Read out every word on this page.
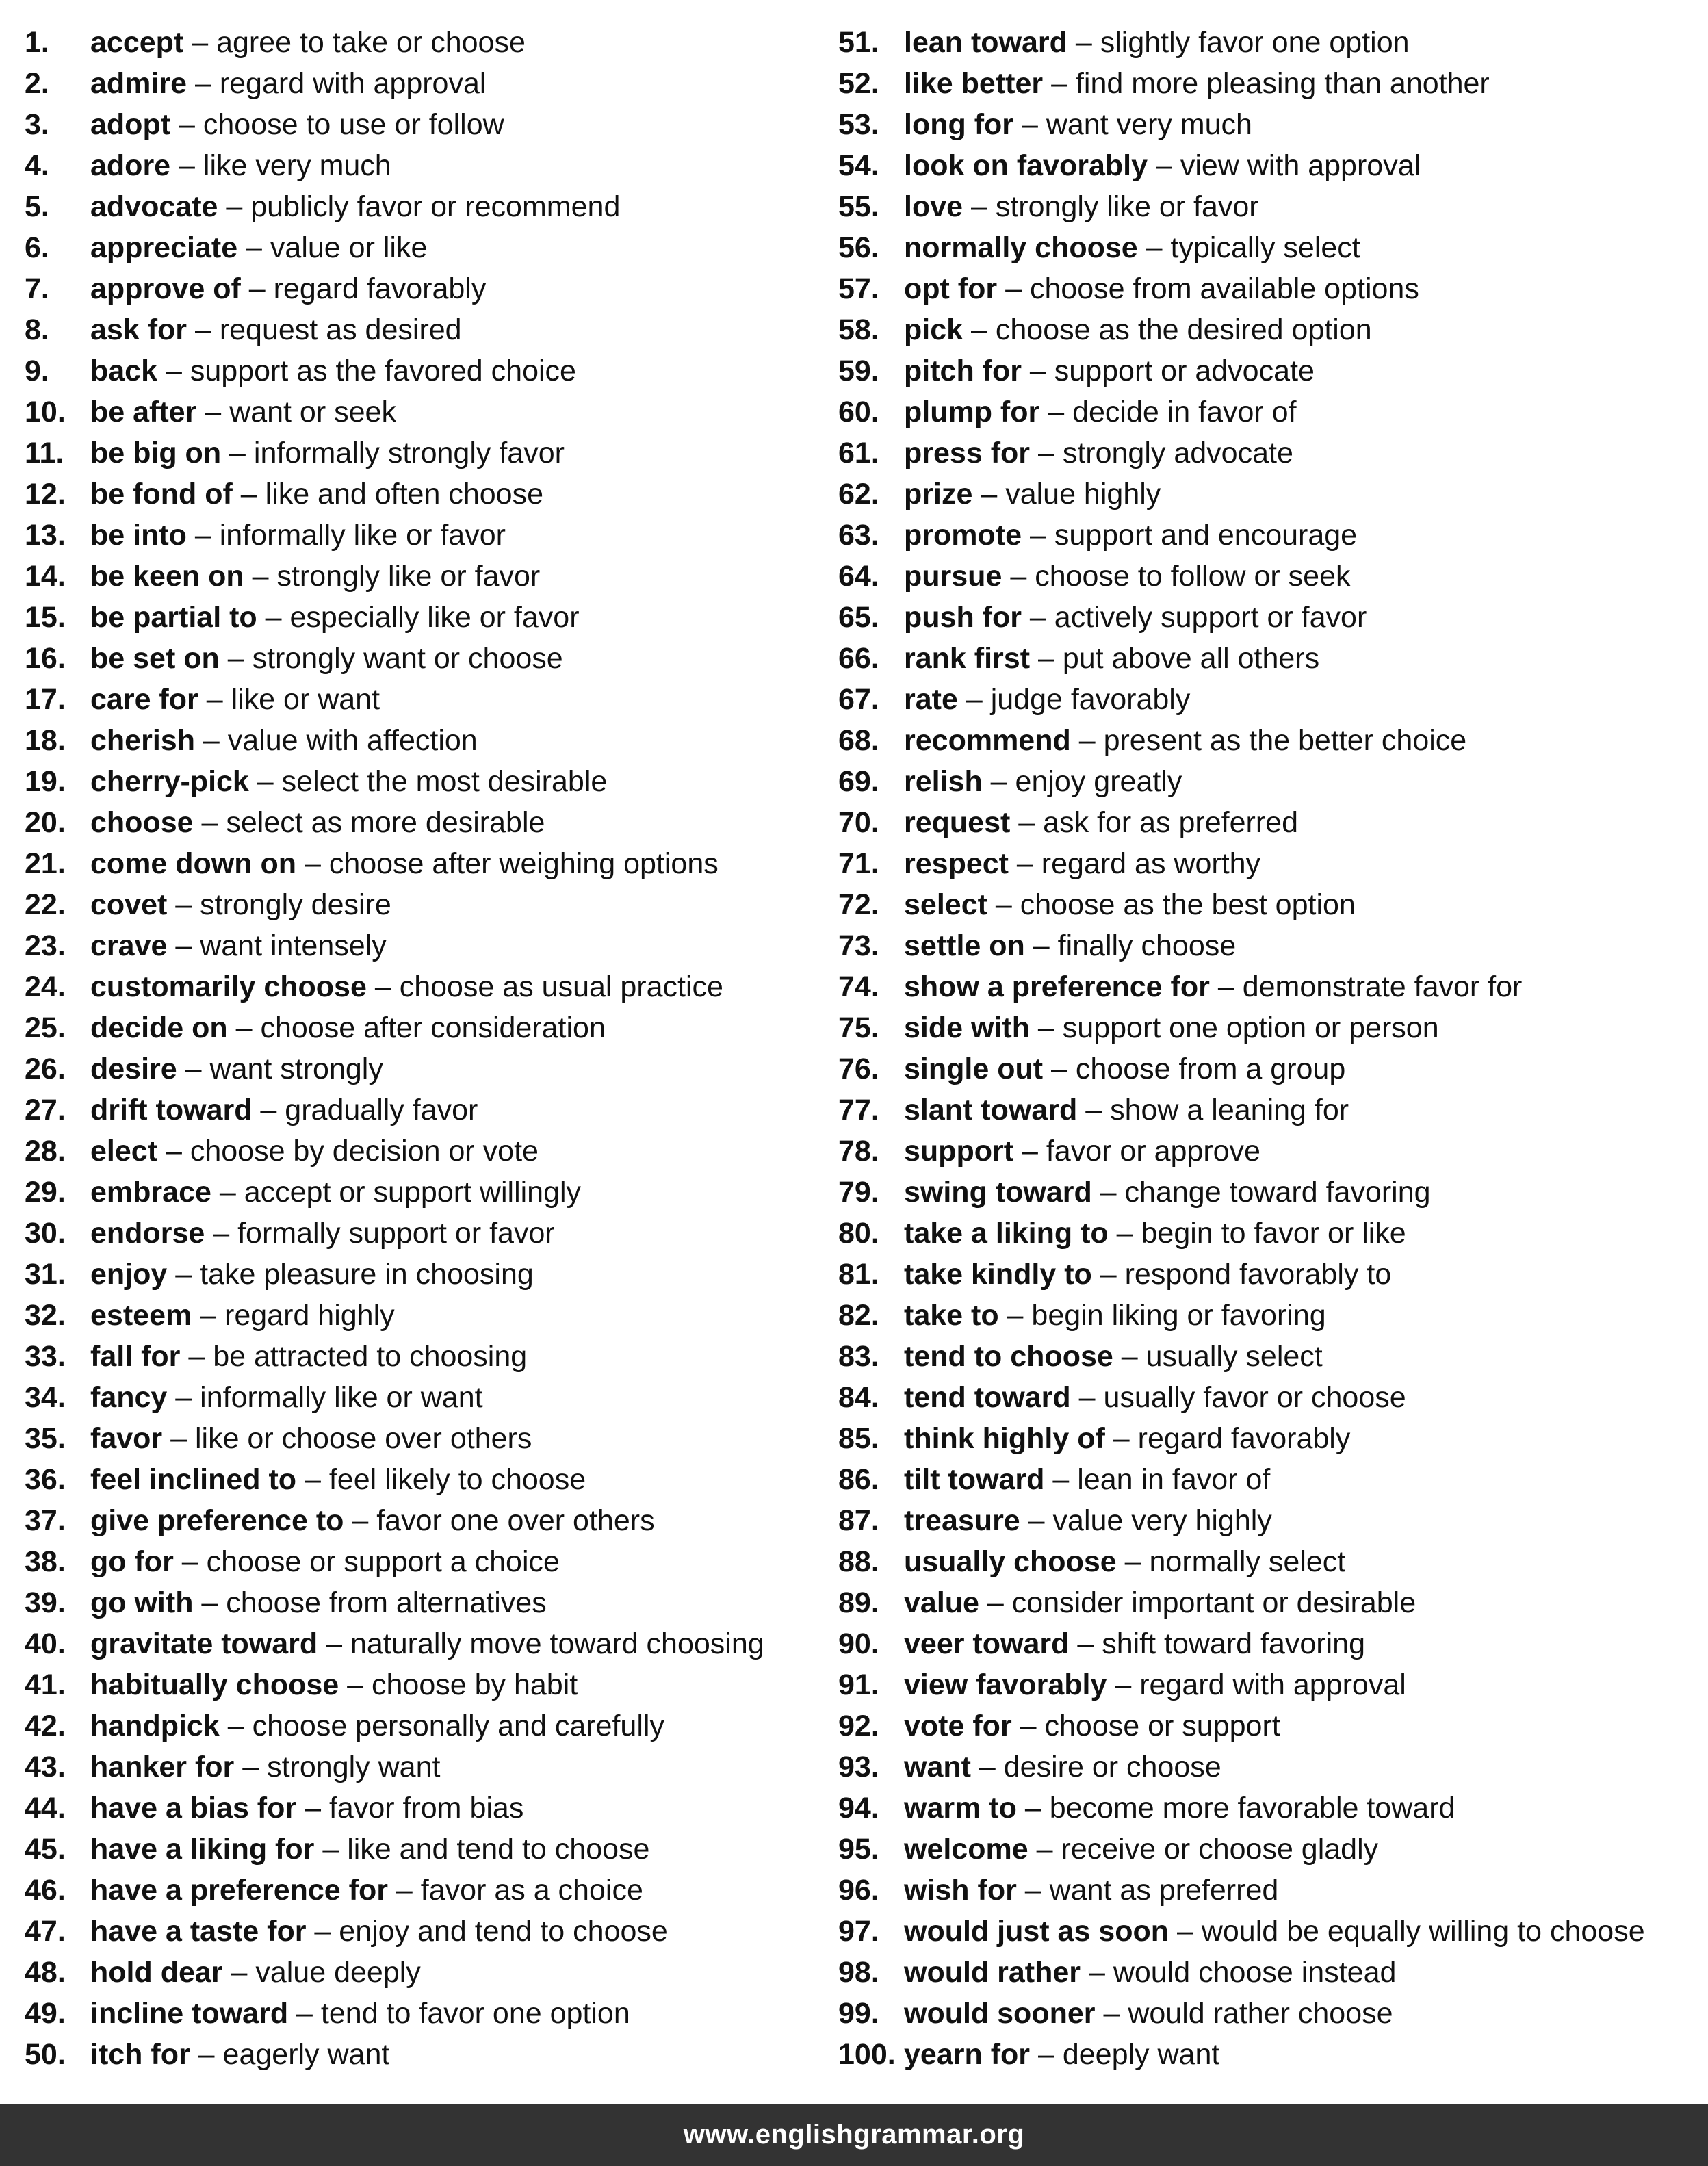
1. accept – agree to take or choose
2. admire – regard with approval
3. adopt – choose to use or follow
4. adore – like very much
5. advocate – publicly favor or recommend
6. appreciate – value or like
7. approve of – regard favorably
8. ask for – request as desired
9. back – support as the favored choice
10. be after – want or seek
11. be big on – informally strongly favor
12. be fond of – like and often choose
13. be into – informally like or favor
14. be keen on – strongly like or favor
15. be partial to – especially like or favor
16. be set on – strongly want or choose
17. care for – like or want
18. cherish – value with affection
19. cherry-pick – select the most desirable
20. choose – select as more desirable
21. come down on – choose after weighing options
22. covet – strongly desire
23. crave – want intensely
24. customarily choose – choose as usual practice
25. decide on – choose after consideration
26. desire – want strongly
27. drift toward – gradually favor
28. elect – choose by decision or vote
29. embrace – accept or support willingly
30. endorse – formally support or favor
31. enjoy – take pleasure in choosing
32. esteem – regard highly
33. fall for – be attracted to choosing
34. fancy – informally like or want
35. favor – like or choose over others
36. feel inclined to – feel likely to choose
37. give preference to – favor one over others
38. go for – choose or support a choice
39. go with – choose from alternatives
40. gravitate toward – naturally move toward choosing
41. habitually choose – choose by habit
42. handpick – choose personally and carefully
43. hanker for – strongly want
44. have a bias for – favor from bias
45. have a liking for – like and tend to choose
46. have a preference for – favor as a choice
47. have a taste for – enjoy and tend to choose
48. hold dear – value deeply
49. incline toward – tend to favor one option
50. itch for – eagerly want
51. lean toward – slightly favor one option
52. like better – find more pleasing than another
53. long for – want very much
54. look on favorably – view with approval
55. love – strongly like or favor
56. normally choose – typically select
57. opt for – choose from available options
58. pick – choose as the desired option
59. pitch for – support or advocate
60. plump for – decide in favor of
61. press for – strongly advocate
62. prize – value highly
63. promote – support and encourage
64. pursue – choose to follow or seek
65. push for – actively support or favor
66. rank first – put above all others
67. rate – judge favorably
68. recommend – present as the better choice
69. relish – enjoy greatly
70. request – ask for as preferred
71. respect – regard as worthy
72. select – choose as the best option
73. settle on – finally choose
74. show a preference for – demonstrate favor for
75. side with – support one option or person
76. single out – choose from a group
77. slant toward – show a leaning for
78. support – favor or approve
79. swing toward – change toward favoring
80. take a liking to – begin to favor or like
81. take kindly to – respond favorably to
82. take to – begin liking or favoring
83. tend to choose – usually select
84. tend toward – usually favor or choose
85. think highly of – regard favorably
86. tilt toward – lean in favor of
87. treasure – value very highly
88. usually choose – normally select
89. value – consider important or desirable
90. veer toward – shift toward favoring
91. view favorably – regard with approval
92. vote for – choose or support
93. want – desire or choose
94. warm to – become more favorable toward
95. welcome – receive or choose gladly
96. wish for – want as preferred
97. would just as soon – would be equally willing to choose
98. would rather – would choose instead
99. would sooner – would rather choose
100. yearn for – deeply want
www.englishgrammar.org
